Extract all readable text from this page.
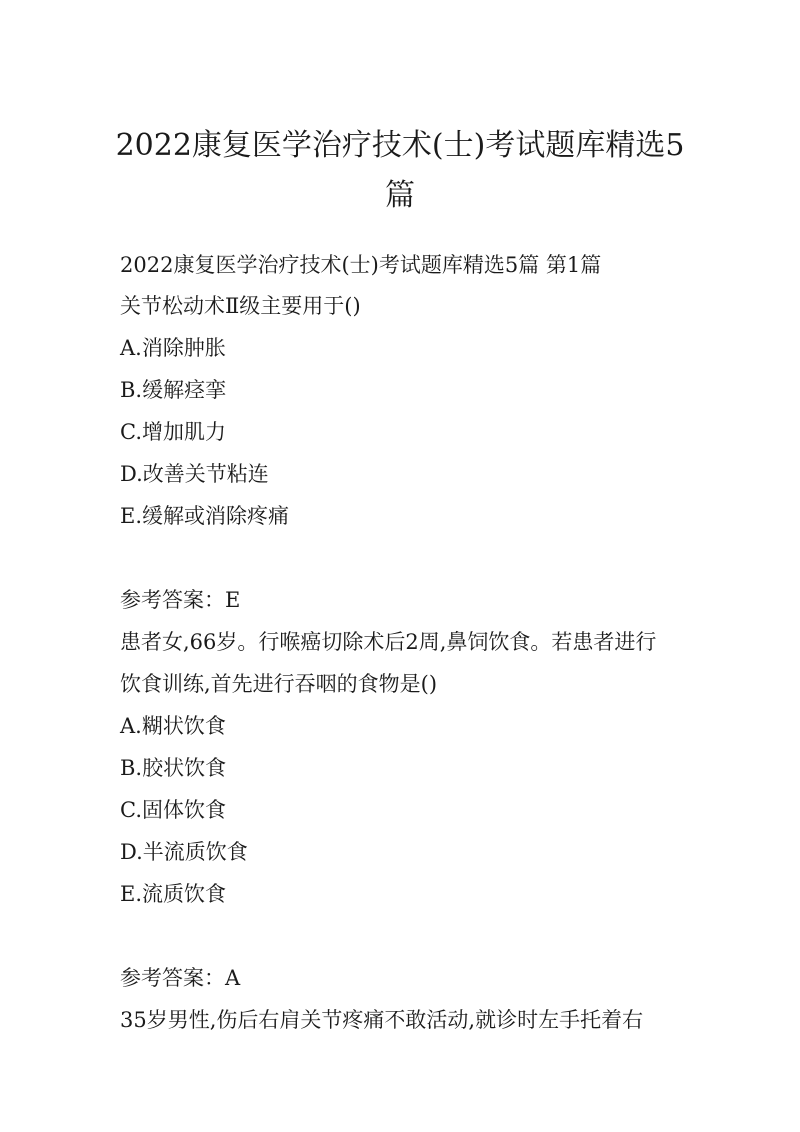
2022康复医学治疗技术(士)考试题库精选5
篇
2022康复医学治疗技术(士)考试题库精选5篇 第1篇
关节松动术Ⅱ级主要用于()
A.消除肿胀
B.缓解痉挛
C.增加肌力
D.改善关节粘连
E.缓解或消除疼痛
参考答案：E
患者女,66岁。行喉癌切除术后2周,鼻饲饮食。若患者进行
饮食训练,首先进行吞咽的食物是()
A.糊状饮食
B.胶状饮食
C.固体饮食
D.半流质饮食
E.流质饮食
参考答案：A
35岁男性,伤后右肩关节疼痛不敢活动,就诊时左手托着右
